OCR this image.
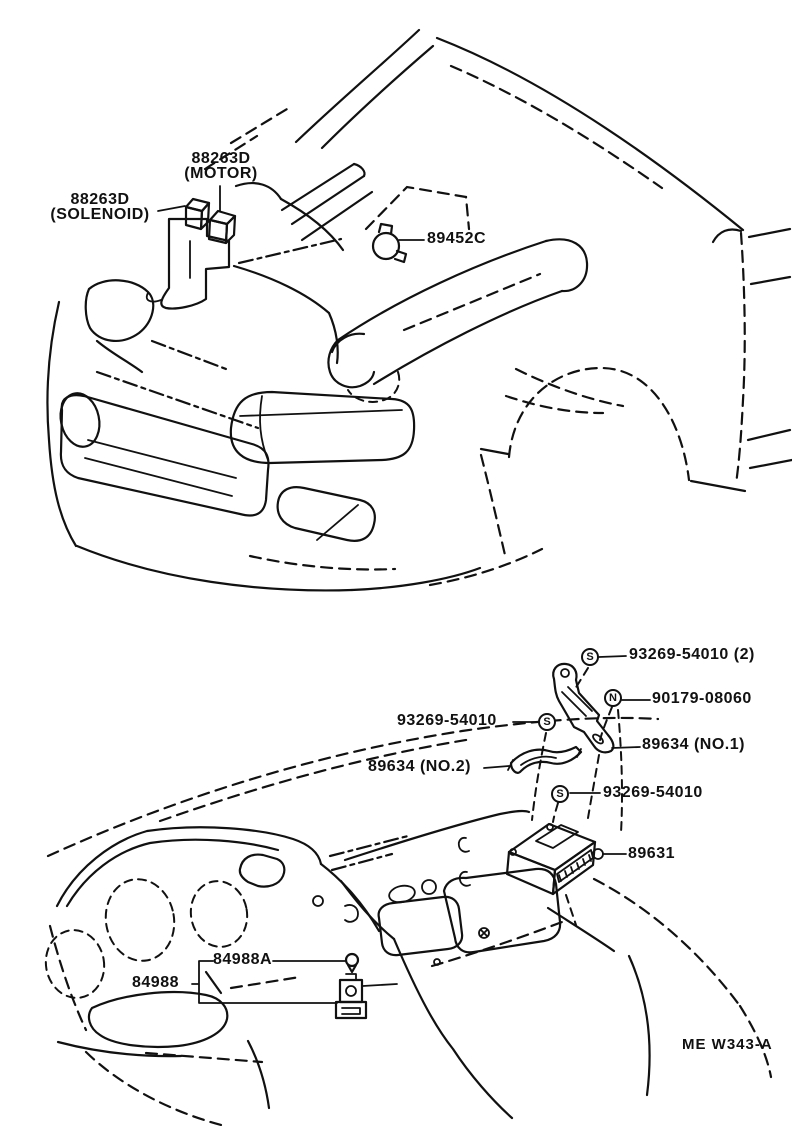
88263D
(MOTOR)
88263D
(SOLENOID)
89452C
S	93269-54010 (2)
N	90179-08060
93269-54010	S
89634 (NO.1)
89634 (NO.2)
S	93269-54010
89631
84988A
84988
ME W343-A
